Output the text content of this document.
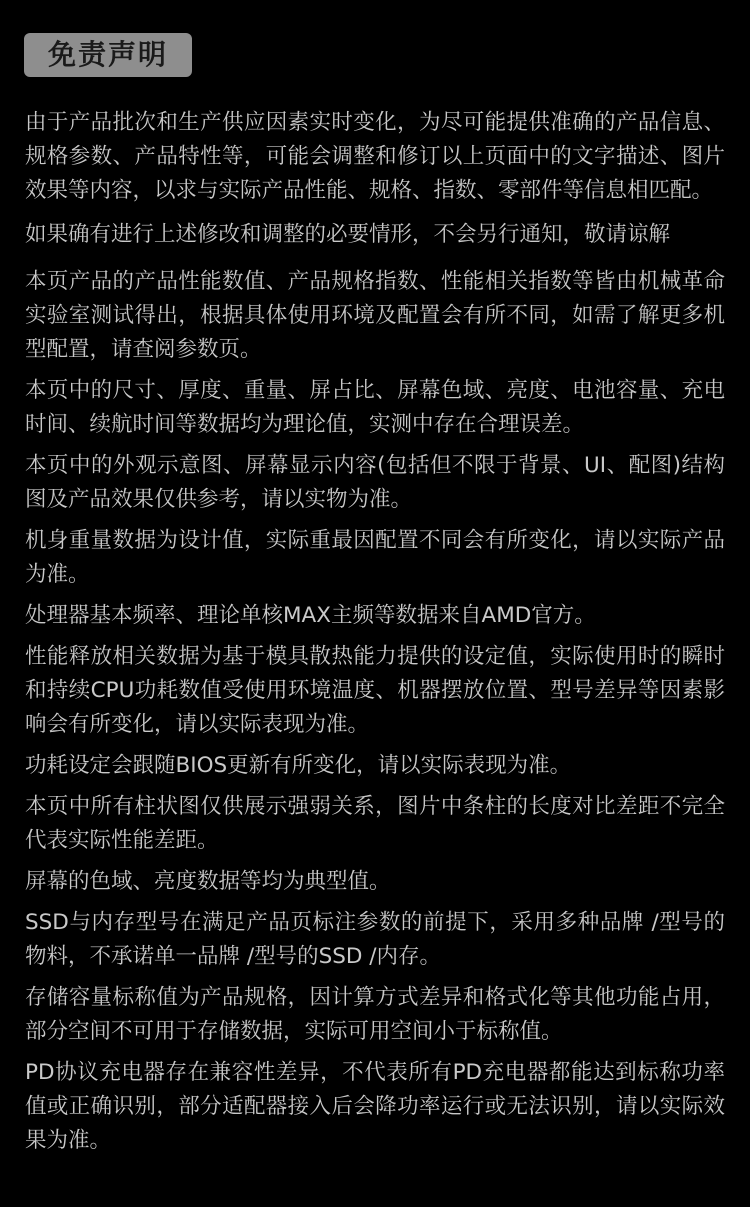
免责声明

由于产品批次和生产供应因素实时变化，为尽可能提供准确的产品信息、规格参数、产品特性等，可能会调整和修订以上页面中的文字描述、图片效果等内容，以求与实际产品性能、规格、指数、零部件等信息相匹配。

如果确有进行上述修改和调整的必要情形，不会另行通知，敬请谅解

本页产品的产品性能数值、产品规格指数、性能相关指数等皆由机械革命实验室测试得出，根据具体使用环境及配置会有所不同，如需了解更多机型配置，请查阅参数页。

本页中的尺寸、厚度、重量、屏占比、屏幕色域、亮度、电池容量、充电时间、续航时间等数据均为理论值，实测中存在合理误差。

本页中的外观示意图、屏幕显示内容(包括但不限于背景、UI、配图)结构图及产品效果仅供参考，请以实物为准。

机身重量数据为设计值，实际重最因配置不同会有所变化，请以实际产品为准。

处理器基本频率、理论单核MAX主频等数据来自AMD官方。

性能释放相关数据为基于模具散热能力提供的设定值，实际使用时的瞬时和持续CPU功耗数值受使用环境温度、机器摆放位置、型号差异等因素影响会有所变化，请以实际表现为准。

功耗设定会跟随BIOS更新有所变化，请以实际表现为准。

本页中所有柱状图仅供展示强弱关系，图片中条柱的长度对比差距不完全代表实际性能差距。

屏幕的色域、亮度数据等均为典型值。

SSD与内存型号在满足产品页标注参数的前提下，采用多种品牌 /型号的物料，不承诺单一品牌 /型号的SSD /内存。

存储容量标称值为产品规格，因计算方式差异和格式化等其他功能占用，部分空间不可用于存储数据，实际可用空间小于标称值。

PD协议充电器存在兼容性差异，不代表所有PD充电器都能达到标称功率值或正确识别，部分适配器接入后会降功率运行或无法识别，请以实际效果为准。
